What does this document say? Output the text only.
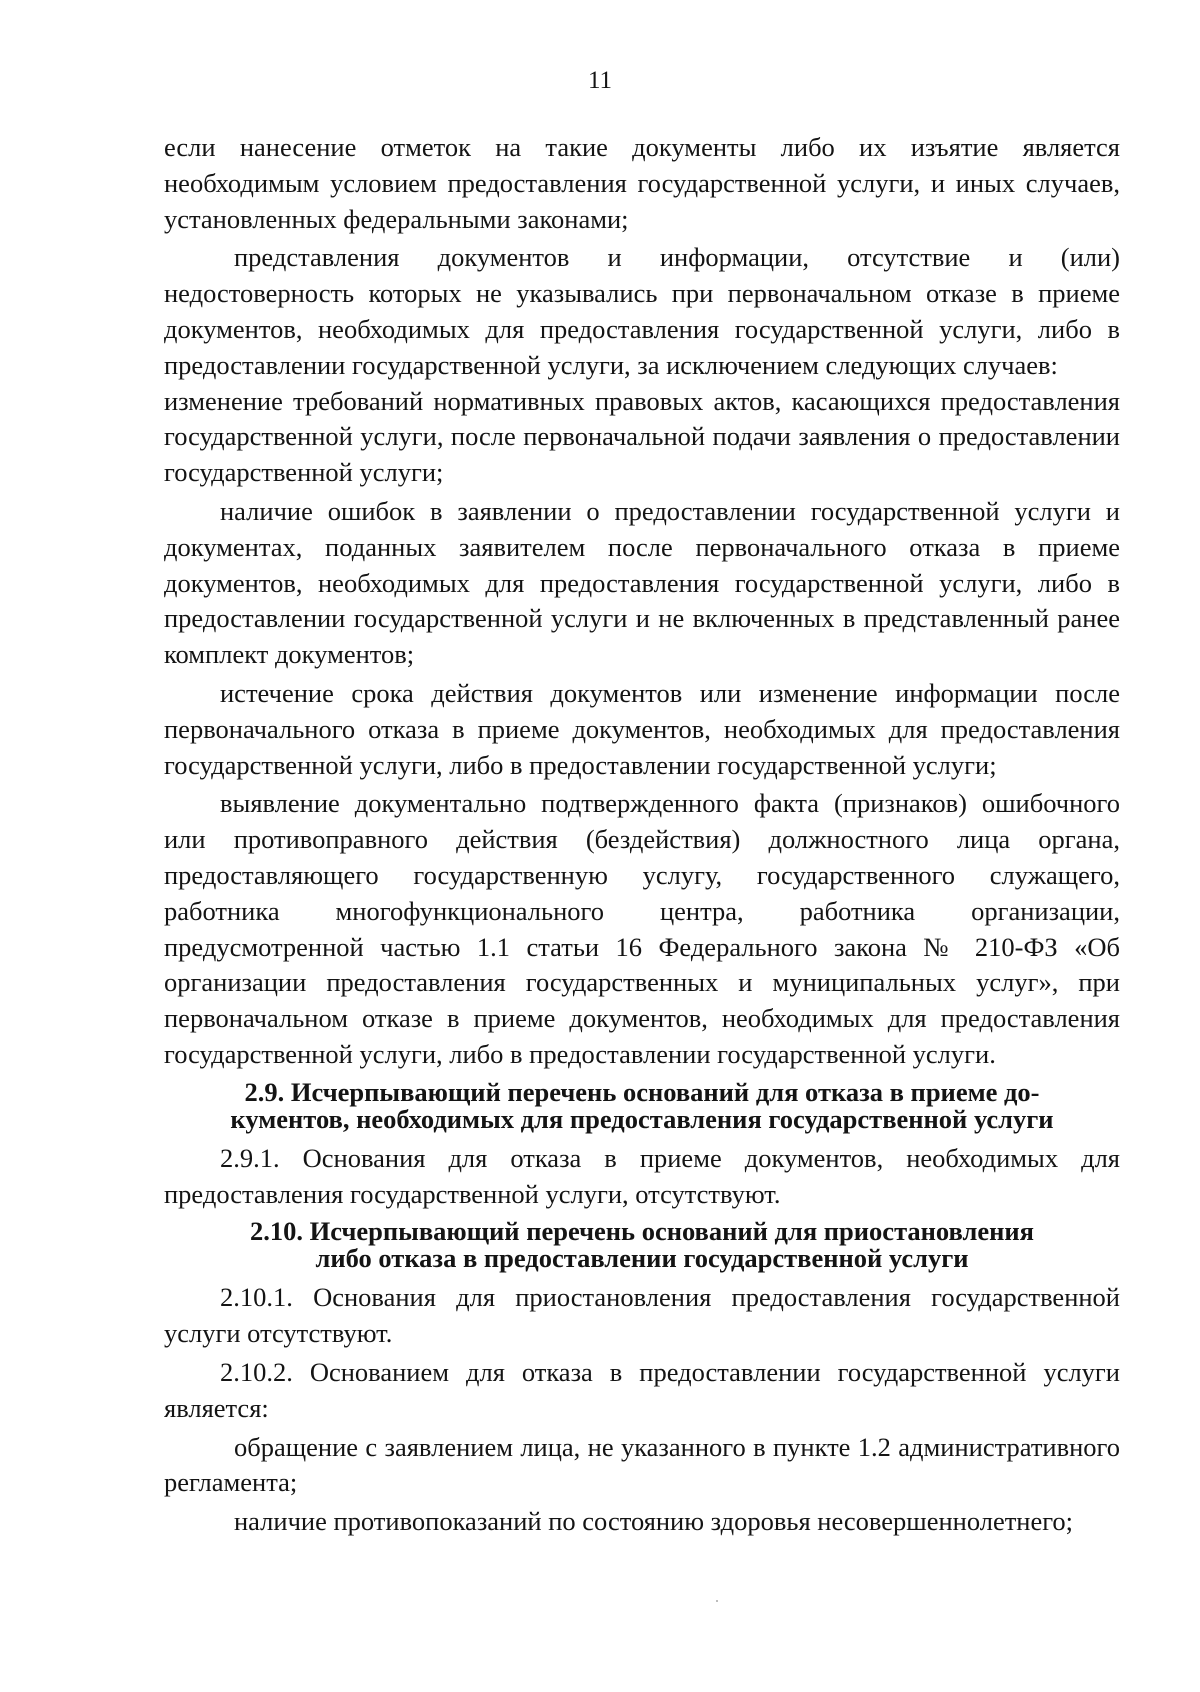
11

если нанесение отметок на такие документы либо их изъятие является необходимым условием предоставления государственной услуги, и иных случаев, установленных федеральными законами;

представления документов и информации, отсутствие и (или) недостоверность которых не указывались при первоначальном отказе в приеме документов, необходимых для предоставления государственной услуги, либо в предоставлении государственной услуги, за исключением следующих случаев:

изменение требований нормативных правовых актов, касающихся предоставления государственной услуги, после первоначальной подачи заявления о предоставлении государственной услуги;

наличие ошибок в заявлении о предоставлении государственной услуги и документах, поданных заявителем после первоначального отказа в приеме документов, необходимых для предоставления государственной услуги, либо в предоставлении государственной услуги и не включенных в представленный ранее комплект документов;

истечение срока действия документов или изменение информации после первоначального отказа в приеме документов, необходимых для предоставления государственной услуги, либо в предоставлении государственной услуги;

выявление документально подтвержденного факта (признаков) ошибочного или противоправного действия (бездействия) должностного лица органа, предоставляющего государственную услугу, государственного служащего, работника многофункционального центра, работника организации, предусмотренной частью 1.1 статьи 16 Федерального закона № 210-ФЗ «Об организации предоставления государственных и муниципальных услуг», при первоначальном отказе в приеме документов, необходимых для предоставления государственной услуги, либо в предоставлении государственной услуги.

2.9. Исчерпывающий перечень оснований для отказа в приеме до-
кументов, необходимых для предоставления государственной услуги

2.9.1. Основания для отказа в приеме документов, необходимых для предоставления государственной услуги, отсутствуют.

2.10. Исчерпывающий перечень оснований для приостановления
либо отказа в предоставлении государственной услуги

2.10.1. Основания для приостановления предоставления государственной услуги отсутствуют.

2.10.2. Основанием для отказа в предоставлении государственной услуги является:

обращение с заявлением лица, не указанного в пункте 1.2 административного регламента;

наличие противопоказаний по состоянию здоровья несовершеннолетнего;
